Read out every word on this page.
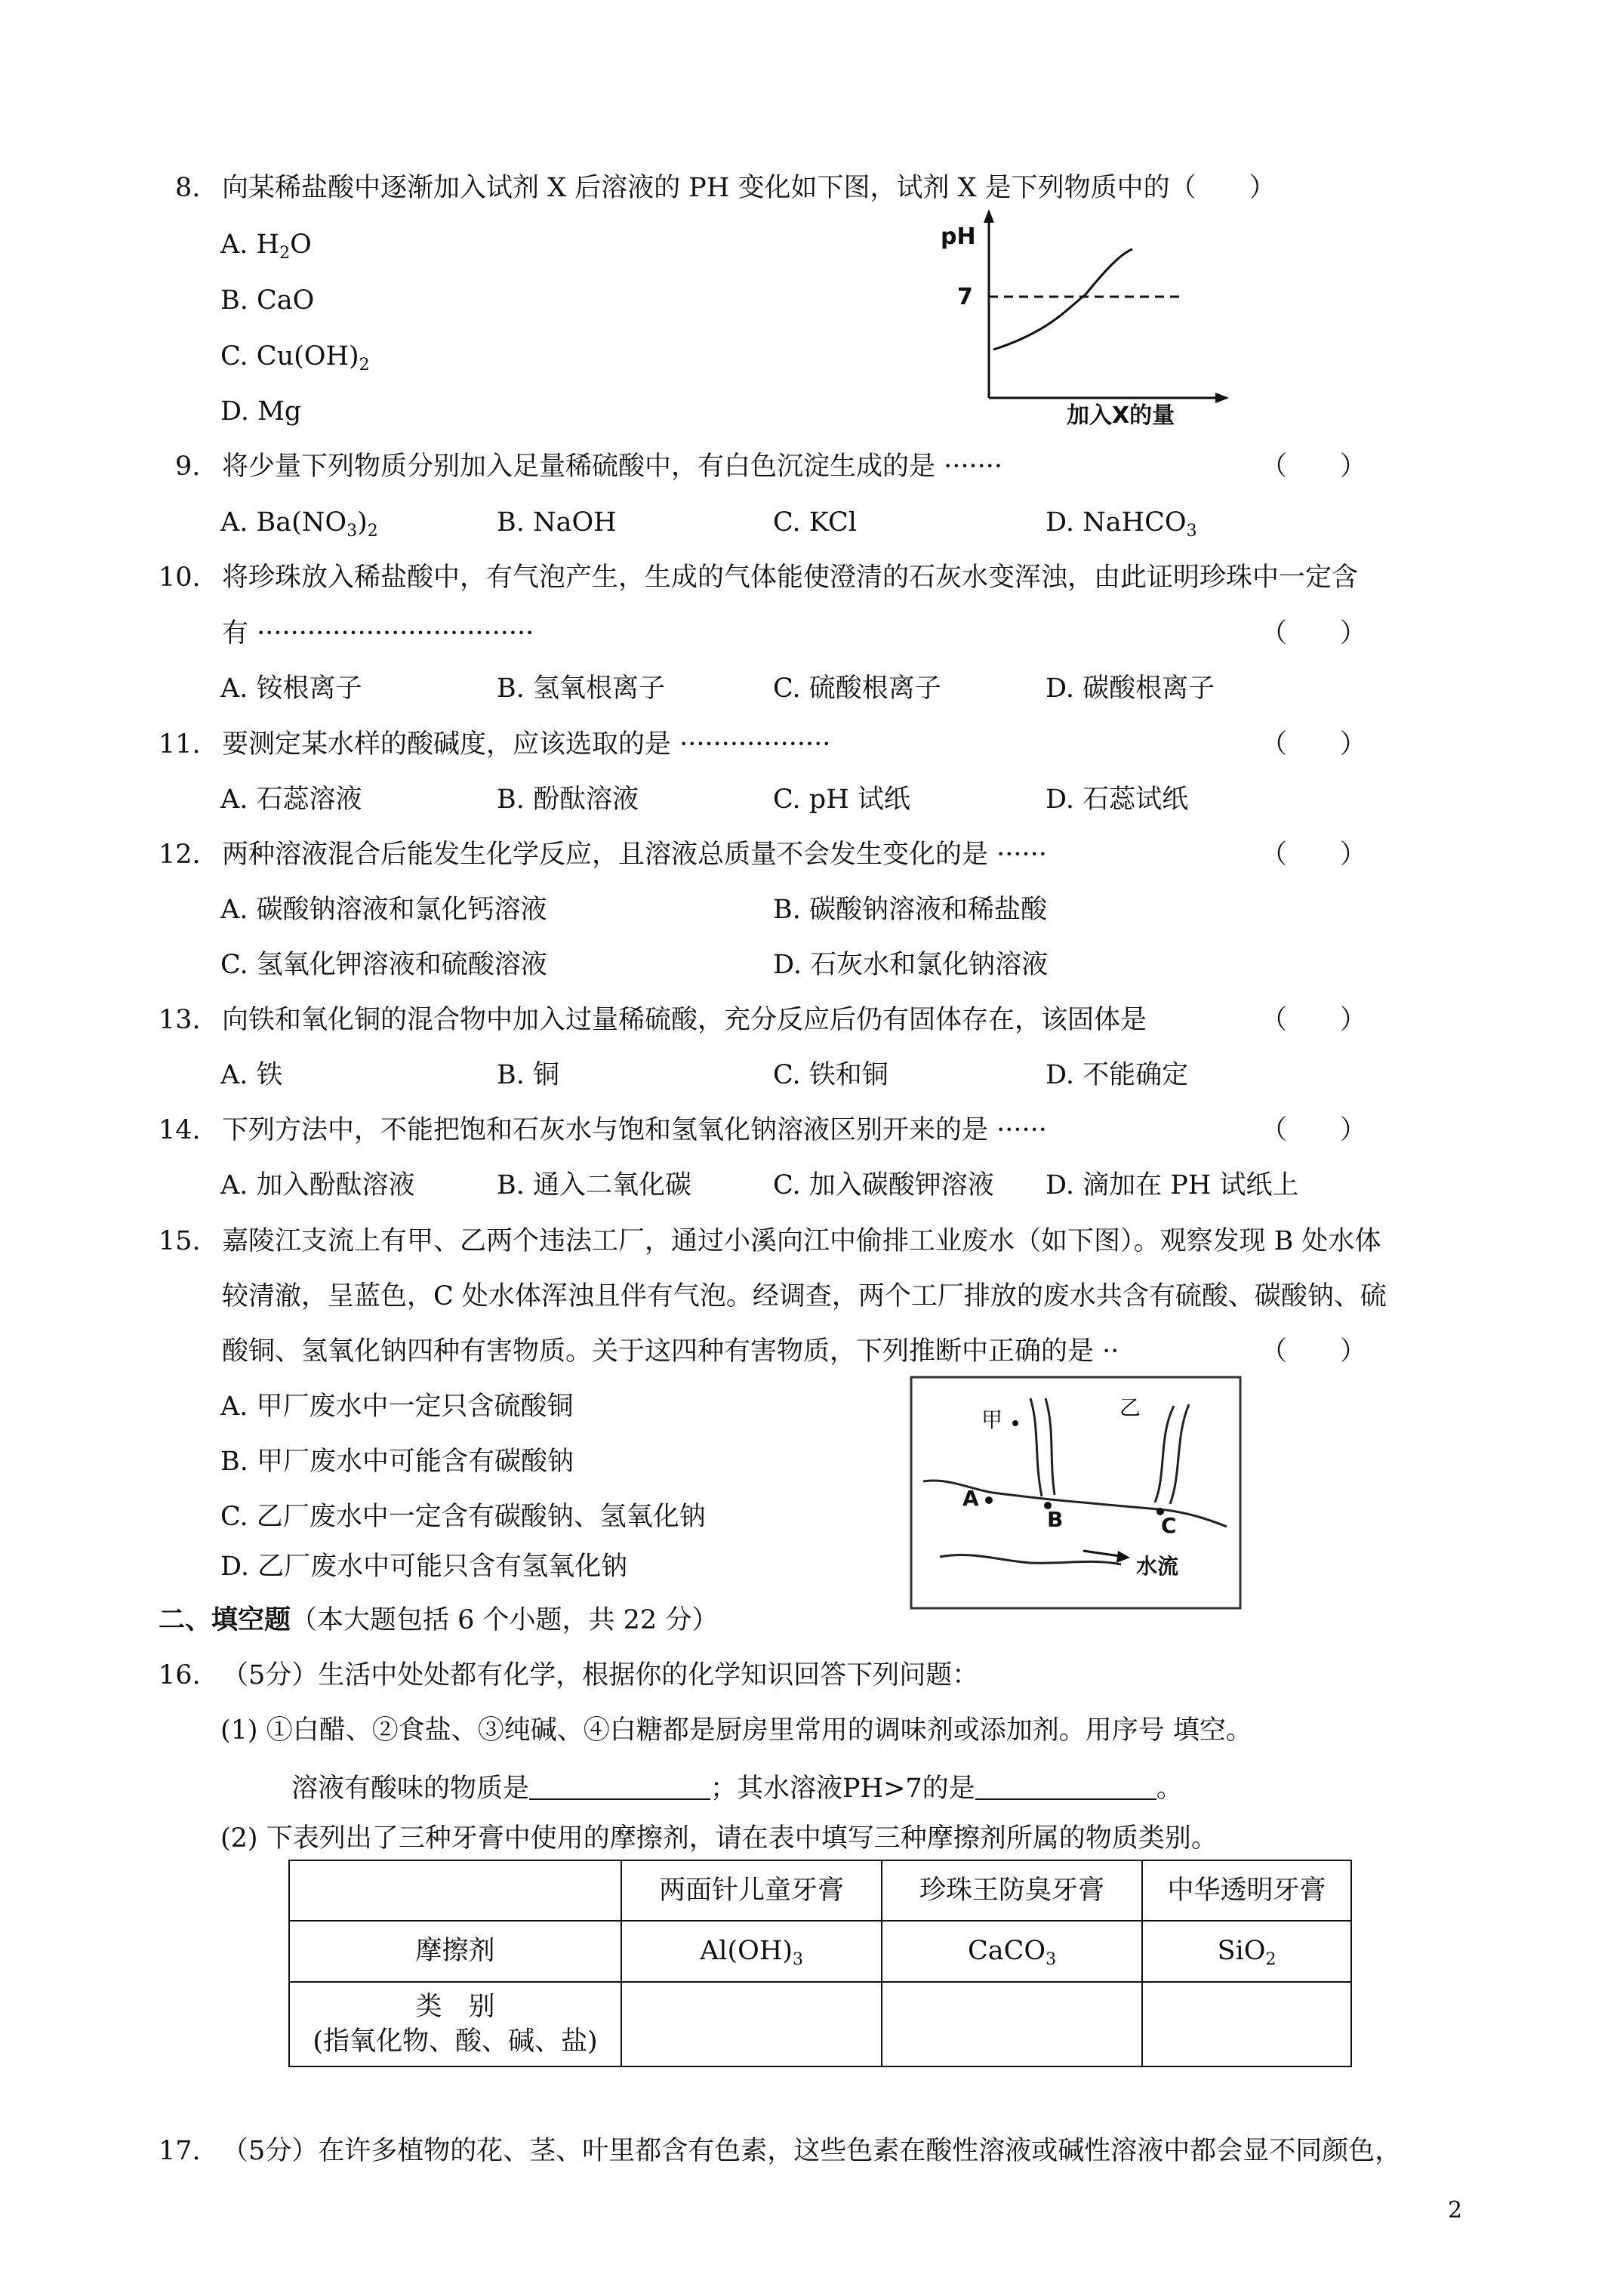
8. 向某稀盐酸中逐渐加入试剂 X 后溶液的 PH 变化如下图，试剂 X 是下列物质中的（　　）
A. $H_2O$
B. CaO
C. $Cu(OH)_2$
D. Mg
pH
7
加入X的量
9. 将少量下列物质分别加入足量稀硫酸中，有白色沉淀生成的是 ·······	（　　）
A. $Ba(NO_3)_2$	B. NaOH	C. KCl	D. NaHCO$_3$
10. 将珍珠放入稀盐酸中，有气泡产生，生成的气体能使澄清的石灰水变浑浊，由此证明珍珠中一定含
有 ·································	（　　）
A. 铵根离子	B. 氢氧根离子	C. 硫酸根离子	D. 碳酸根离子
11. 要测定某水样的酸碱度，应该选取的是 ··················	（　　）
A. 石蕊溶液	B. 酚酞溶液	C. pH 试纸	D. 石蕊试纸
12. 两种溶液混合后能发生化学反应，且溶液总质量不会发生变化的是 ······	（　　）
A. 碳酸钠溶液和氯化钙溶液	B. 碳酸钠溶液和稀盐酸
C. 氢氧化钾溶液和硫酸溶液	D. 石灰水和氯化钠溶液
13. 向铁和氧化铜的混合物中加入过量稀硫酸，充分反应后仍有固体存在，该固体是	（　　）
A. 铁	B. 铜	C. 铁和铜	D. 不能确定
14. 下列方法中，不能把饱和石灰水与饱和氢氧化钠溶液区别开来的是 ······	（　　）
A. 加入酚酞溶液	B. 通入二氧化碳	C. 加入碳酸钾溶液 D. 滴加在 PH 试纸上
15. 嘉陵江支流上有甲、乙两个违法工厂，通过小溪向江中偷排工业废水（如下图）。观察发现 B 处水体
较清澈，呈蓝色，C 处水体浑浊且伴有气泡。经调查，两个工厂排放的废水共含有硫酸、碳酸钠、硫
酸铜、氢氧化钠四种有害物质。关于这四种有害物质，下列推断中正确的是 ··	（　　）
A. 甲厂废水中一定只含硫酸铜
B. 甲厂废水中可能含有碳酸钠
C. 乙厂废水中一定含有碳酸钠、氢氧化钠
D. 乙厂废水中可能只含有氢氧化钠
甲	乙
A
B	C
水流
二、填空题（本大题包括 6 个小题，共 22 分）
16. （5分）生活中处处都有化学，根据你的化学知识回答下列问题：
(1) ①白醋、②食盐、③纯碱、④白糖都是厨房里常用的调味剂或添加剂。用序号 填空。
溶液有酸味的物质是	；其水溶液PH>7的是	。
(2) 下表列出了三种牙膏中使用的摩擦剂，请在表中填写三种摩擦剂所属的物质类别。
	两面针儿童牙膏	珍珠王防臭牙膏	中华透明牙膏
摩擦剂	$Al(OH)_3$	CaCO$_3$	SiO$_2$

类　别
(指氧化物、酸、碱、盐)			

17. （5分）在许多植物的花、茎、叶里都含有色素，这些色素在酸性溶液或碱性溶液中都会显不同颜色，
2
